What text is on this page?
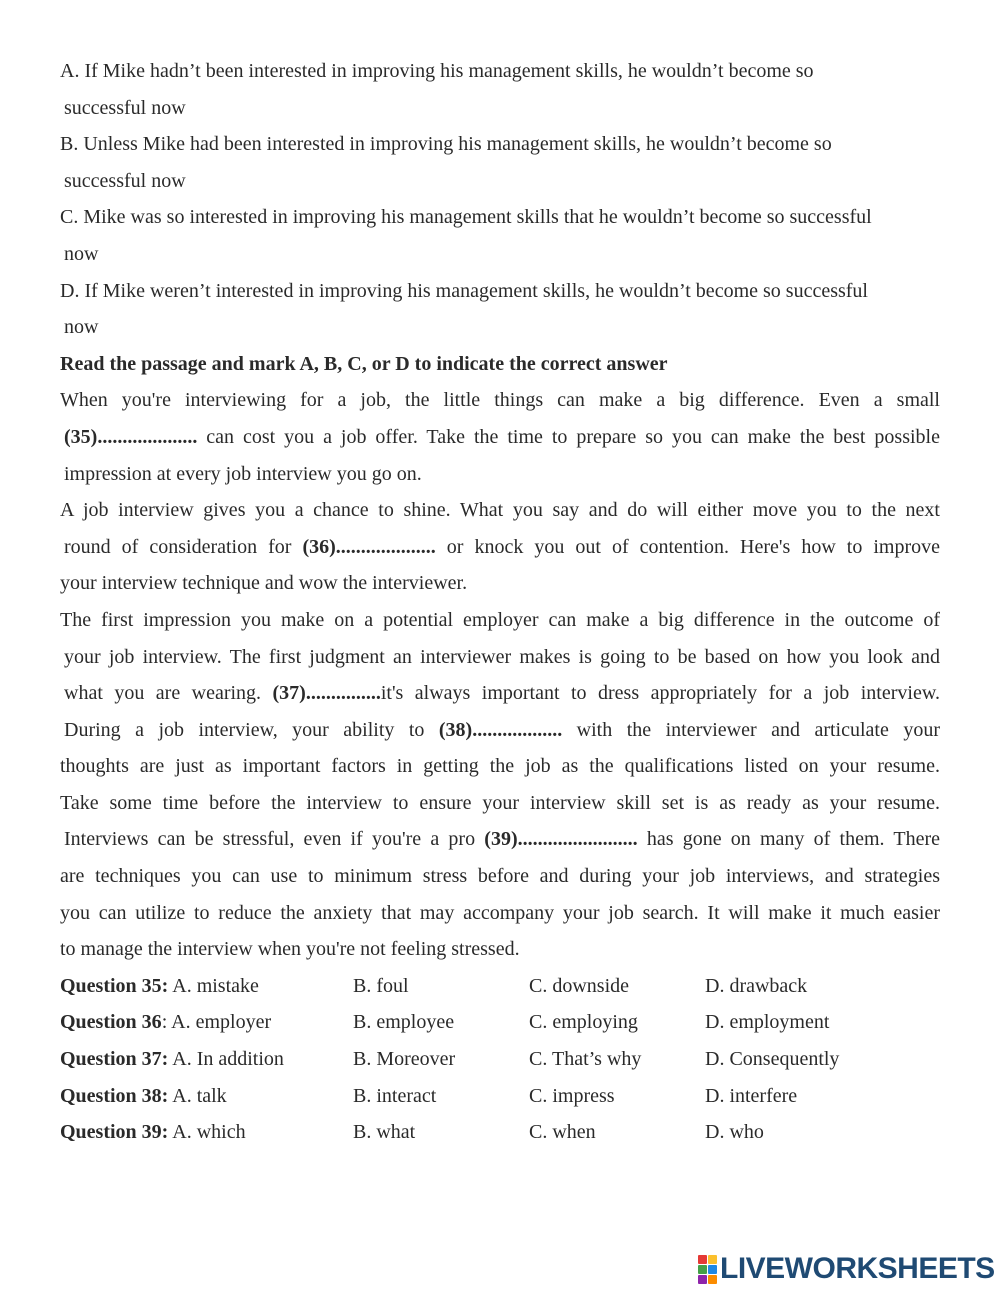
A. If Mike hadn’t been interested in improving his management skills, he wouldn’t become so
successful now
B. Unless Mike had been interested in improving his management skills, he wouldn’t become so
successful now
C. Mike was so interested in improving his management skills that he wouldn’t become so successful
now
D. If Mike weren’t interested in improving his management skills, he wouldn’t become so successful
now
Read the passage and mark A, B, C, or D to indicate the correct answer
When you're interviewing for a job, the little things can make a big difference. Even a small
(35).................... can cost you a job offer. Take the time to prepare so you can make the best possible
impression at every job interview you go on.
A job interview gives you a chance to shine. What you say and do will either move you to the next
round of consideration for (36).................... or knock you out of contention. Here's how to improve
your interview technique and wow the interviewer.
The first impression you make on a potential employer can make a big difference in the outcome of
your job interview. The first judgment an interviewer makes is going to be based on how you look and
what you are wearing. (37)...............it's always important to dress appropriately for a job interview.
During a job interview, your ability to (38).................. with the interviewer and articulate your
thoughts are just as important factors in getting the job as the qualifications listed on your resume.
Take some time before the interview to ensure your interview skill set is as ready as your resume.
Interviews can be stressful, even if you're a pro (39)........................ has gone on many of them. There
are techniques you can use to minimum stress before and during your job interviews, and strategies
you can utilize to reduce the anxiety that may accompany your job search. It will make it much easier
to manage the interview when you're not feeling stressed.
Question 35: A. mistake	B. foul	C. downside	D. drawback
Question 36: A. employer	B. employee	C. employing	D. employment
Question 37: A. In addition	B. Moreover	C. That’s why	D. Consequently
Question 38: A. talk	B. interact	C. impress	D. interfere
Question 39: A. which	B. what	C. when	D. who
LIVEWORKSHEETS
